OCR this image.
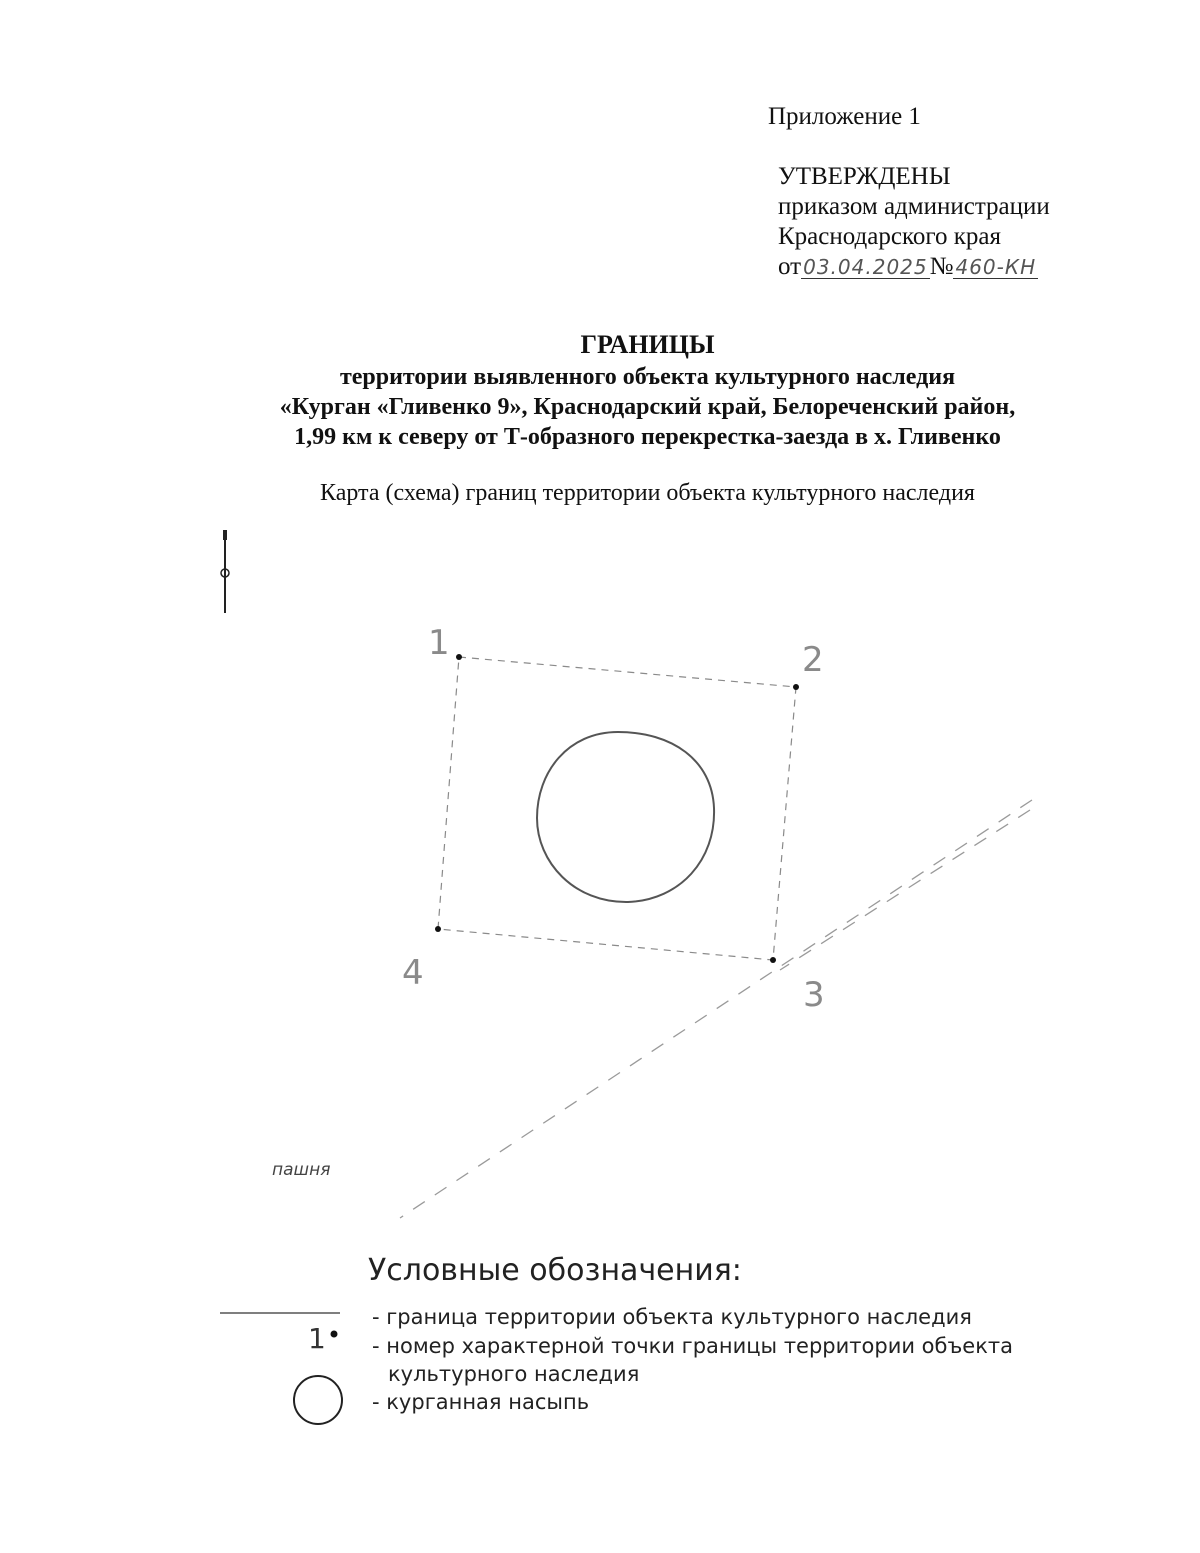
Приложение 1
УТВЕРЖДЕНЫ
приказом администрации
Краснодарского края
от 03.04.2025№ 460-КН
ГРАНИЦЫ
территории выявленного объекта культурного наследия
«Курган «Гливенко 9», Краснодарский край, Белореченский район,
1,99 км к северу от Т-образного перекрестка-заезда в х. Гливенко
Карта (схема) границ территории объекта культурного наследия
1	2
3
4
пашня
Условные обозначения:
- граница территории объекта культурного наследия
1 - номер характерной точки границы территории объекта
культурного наследия
- курганная насыпь
